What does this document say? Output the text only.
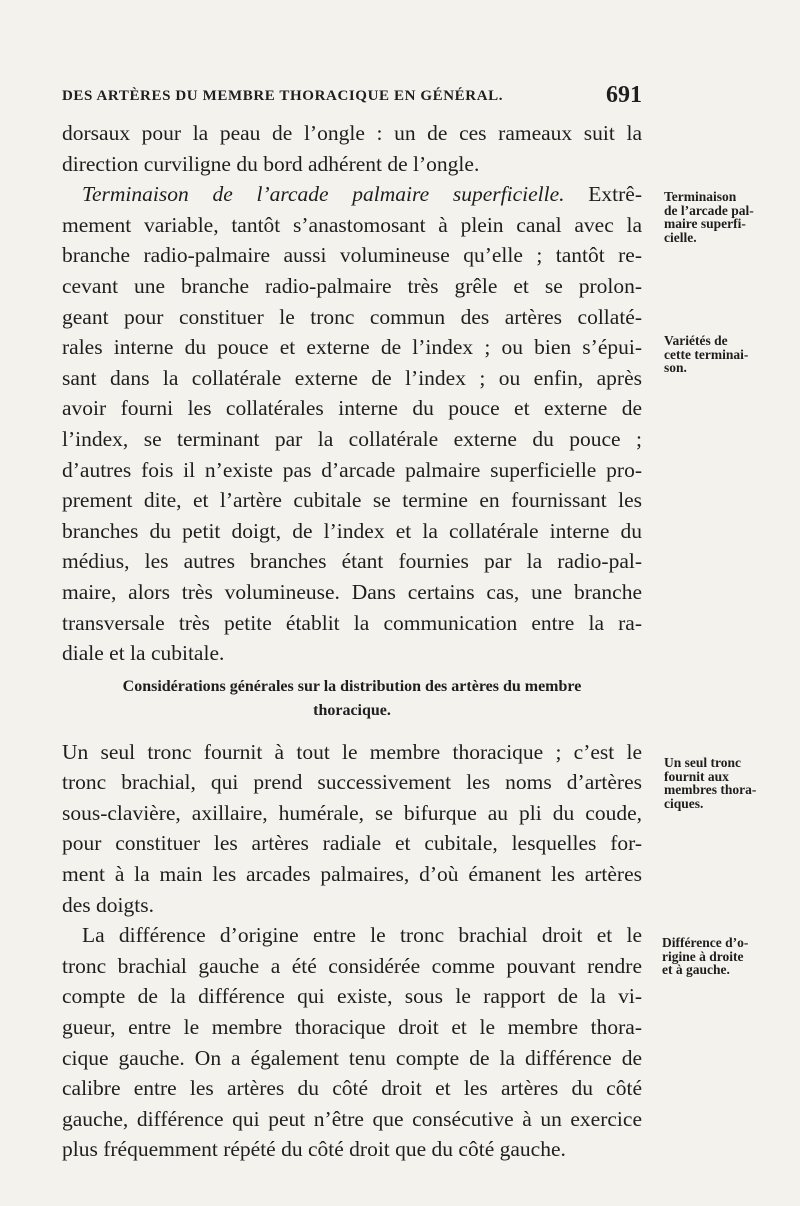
DES ARTÈRES DU MEMBRE THORACIQUE EN GÉNÉRAL.	691
dorsaux pour la peau de l’ongle : un de ces rameaux suit la
direction curviligne du bord adhérent de l’ongle.
Terminaison de l’arcade palmaire superficielle. Extrê-
mement variable, tantôt s’anastomosant à plein canal avec la
branche radio-palmaire aussi volumineuse qu’elle ; tantôt re-
cevant une branche radio-palmaire très grêle et se prolon-
geant pour constituer le tronc commun des artères collaté-
rales interne du pouce et externe de l’index ; ou bien s’épui-
sant dans la collatérale externe de l’index ; ou enfin, après
avoir fourni les collatérales interne du pouce et externe de
l’index, se terminant par la collatérale externe du pouce ;
d’autres fois il n’existe pas d’arcade palmaire superficielle pro-
prement dite, et l’artère cubitale se termine en fournissant les
branches du petit doigt, de l’index et la collatérale interne du
médius, les autres branches étant fournies par la radio-pal-
maire, alors très volumineuse. Dans certains cas, une branche
transversale très petite établit la communication entre la ra-
diale et la cubitale.

Considérations générales sur la distribution des artères du membre

thoracique.

Un seul tronc fournit à tout le membre thoracique ; c’est le
tronc brachial, qui prend successivement les noms d’artères
sous-clavière, axillaire, humérale, se bifurque au pli du coude,
pour constituer les artères radiale et cubitale, lesquelles for-
ment à la main les arcades palmaires, d’où émanent les artères
des doigts.
La différence d’origine entre le tronc brachial droit et le
tronc brachial gauche a été considérée comme pouvant rendre
compte de la différence qui existe, sous le rapport de la vi-
gueur, entre le membre thoracique droit et le membre thora-
cique gauche. On a également tenu compte de la différence de
calibre entre les artères du côté droit et les artères du côté
gauche, différence qui peut n’être que consécutive à un exercice
plus fréquemment répété du côté droit que du côté gauche.
Terminaison
de l’arcade pal-
maire superfi-
cielle.
Variétés de
cette terminai-
son.
Un seul tronc
fournit aux
membres thora-
ciques.
Différence d’o-
rigine à droite
et à gauche.
